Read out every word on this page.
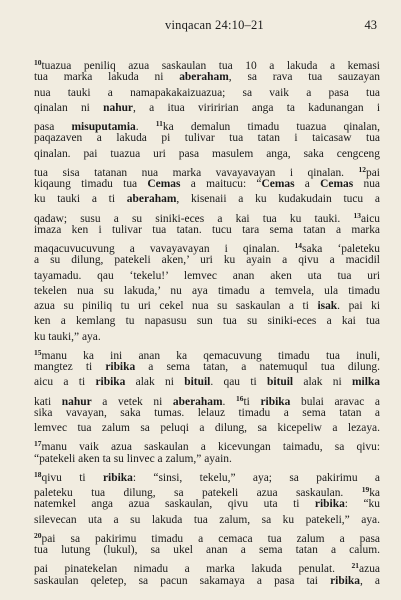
vinqacan 24:10–21	43
$^{10}$tuazua peniliq azua saskaulan tua 10 a lakuda a kemasi
tua marka lakuda ni aberaham, sa rava tua sauzayan
nua tauki a namapakakaizuazua; sa vaik a pasa tua
qinalan ni nahur, a itua viriririan anga ta kadunangan i
pasa misuputamia. $^{11}$ka demalun timadu tuazua qinalan,
paqazaven a lakuda pi tulivar tua tatan i taicasaw tua
qinalan. pai tuazua uri pasa masulem anga, saka cengceng
tua sisa tatanan nua marka vavayavayan i qinalan. $^{12}$pai
kiqaung timadu tua Cemas a maitucu: “Cemas a Cemas nua
ku tauki a ti aberaham, kisenaii a ku kudakudain tucu a
qadaw; susu a su siniki-eces a kai tua ku tauki. $^{13}$aicu
imaza ken i tulivar tua tatan. tucu tara sema tatan a marka
maqacuvucuvung a vavayavayan i qinalan. $^{14}$saka ‘paleteku
a su dilung, patekeli aken,’ uri ku ayain a qivu a macidil
tayamadu. qau ‘tekelu!’ lemvec anan aken uta tua uri
tekelen nua su lakuda,’ nu aya timadu a temvela, ula timadu
azua su piniliq tu uri cekel nua su saskaulan a ti isak. pai ki
ken a kemlang tu napasusu sun tua su siniki-eces a kai tua
ku tauki,” aya.
$^{15}$manu ka ini anan ka qemacuvung timadu tua inuli,
mangtez ti ribika a sema tatan, a natemuqul tua dilung.
aicu a ti ribika alak ni bituil. qau ti bituil alak ni milka
kati nahur a vetek ni aberaham. $^{16}$ti ribika bulai aravac a
sika vavayan, saka tumas. lelauz timadu a sema tatan a
lemvec tua zalum sa peluqi a dilung, sa kicepeliw a lezaya.
$^{17}$manu vaik azua saskaulan a kicevungan taimadu, sa qivu:
“patekeli aken ta su linvec a zalum,” ayain.
$^{18}$qivu ti ribika: “sinsi, tekelu,” aya; sa pakirimu a
paleteku tua dilung, sa patekeli azua saskaulan. $^{19}$ka
natemkel anga azua saskaulan, qivu uta ti ribika: “ku
silevecan uta a su lakuda tua zalum, sa ku patekeli,” aya.
$^{20}$pai sa pakirimu timadu a cemaca tua zalum a pasa
tua lutung (lukul), sa ukel anan a sema tatan a calum.
pai pinatekelan nimadu a marka lakuda penulat. $^{21}$azua
saskaulan qeletep, sa pacun sakamaya a pasa tai ribika, a
